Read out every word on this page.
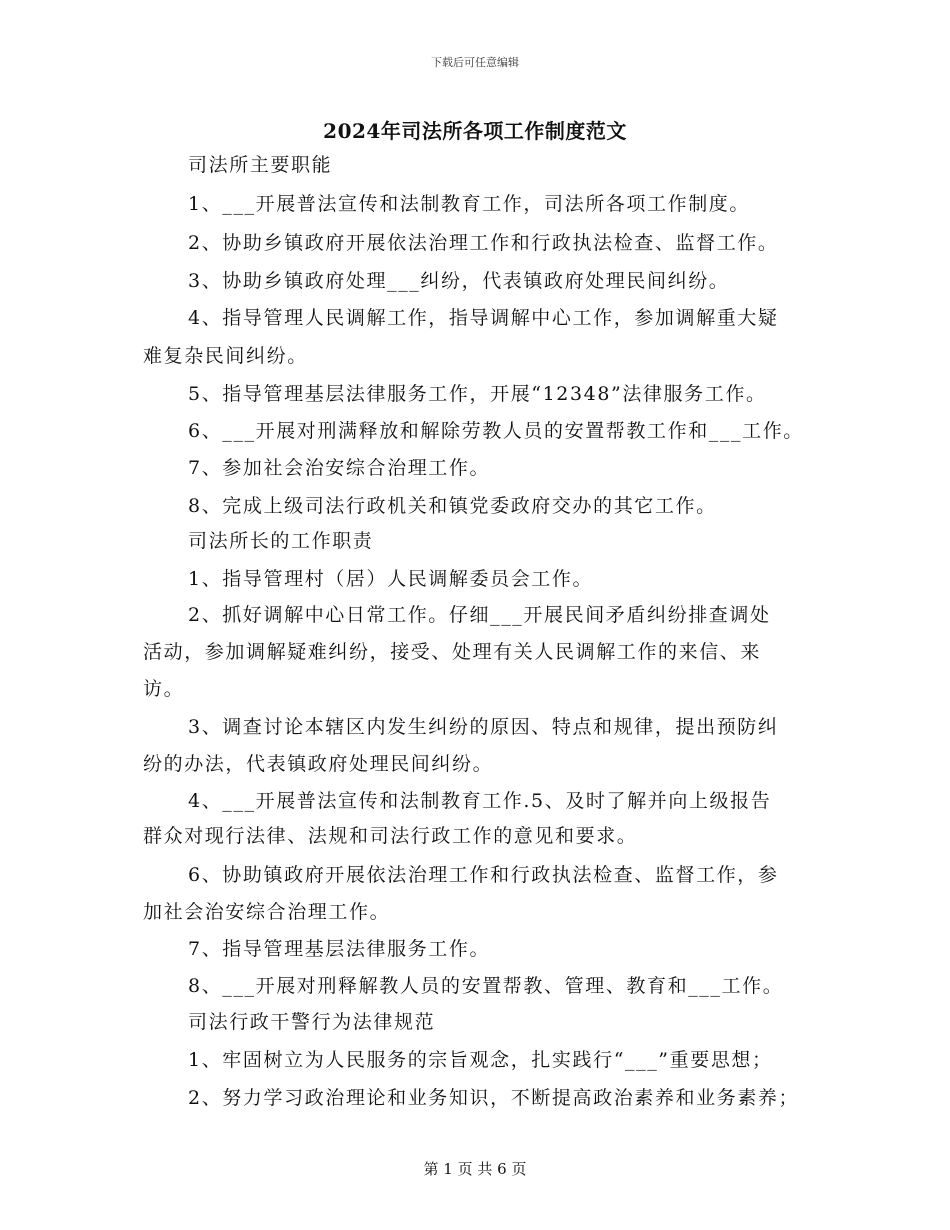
下载后可任意编辑
2024年司法所各项工作制度范文
司法所主要职能
1、___开展普法宣传和法制教育工作，司法所各项工作制度。
2、协助乡镇政府开展依法治理工作和行政执法检查、监督工作。
3、协助乡镇政府处理___纠纷，代表镇政府处理民间纠纷。
4、指导管理人民调解工作，指导调解中心工作，参加调解重大疑
难复杂民间纠纷。
5、指导管理基层法律服务工作，开展“12348”法律服务工作。
6、___开展对刑满释放和解除劳教人员的安置帮教工作和___工作。
7、参加社会治安综合治理工作。
8、完成上级司法行政机关和镇党委政府交办的其它工作。
司法所长的工作职责
1、指导管理村（居）人民调解委员会工作。
2、抓好调解中心日常工作。仔细___开展民间矛盾纠纷排查调处
活动，参加调解疑难纠纷，接受、处理有关人民调解工作的来信、来
访。
3、调查讨论本辖区内发生纠纷的原因、特点和规律，提出预防纠
纷的办法，代表镇政府处理民间纠纷。
4、___开展普法宣传和法制教育工作.5、及时了解并向上级报告
群众对现行法律、法规和司法行政工作的意见和要求。
6、协助镇政府开展依法治理工作和行政执法检查、监督工作，参
加社会治安综合治理工作。
7、指导管理基层法律服务工作。
8、___开展对刑释解教人员的安置帮教、管理、教育和___工作。
司法行政干警行为法律规范
1、牢固树立为人民服务的宗旨观念，扎实践行“___”重要思想；
2、努力学习政治理论和业务知识，不断提高政治素养和业务素养；
第 1 页 共 6 页
